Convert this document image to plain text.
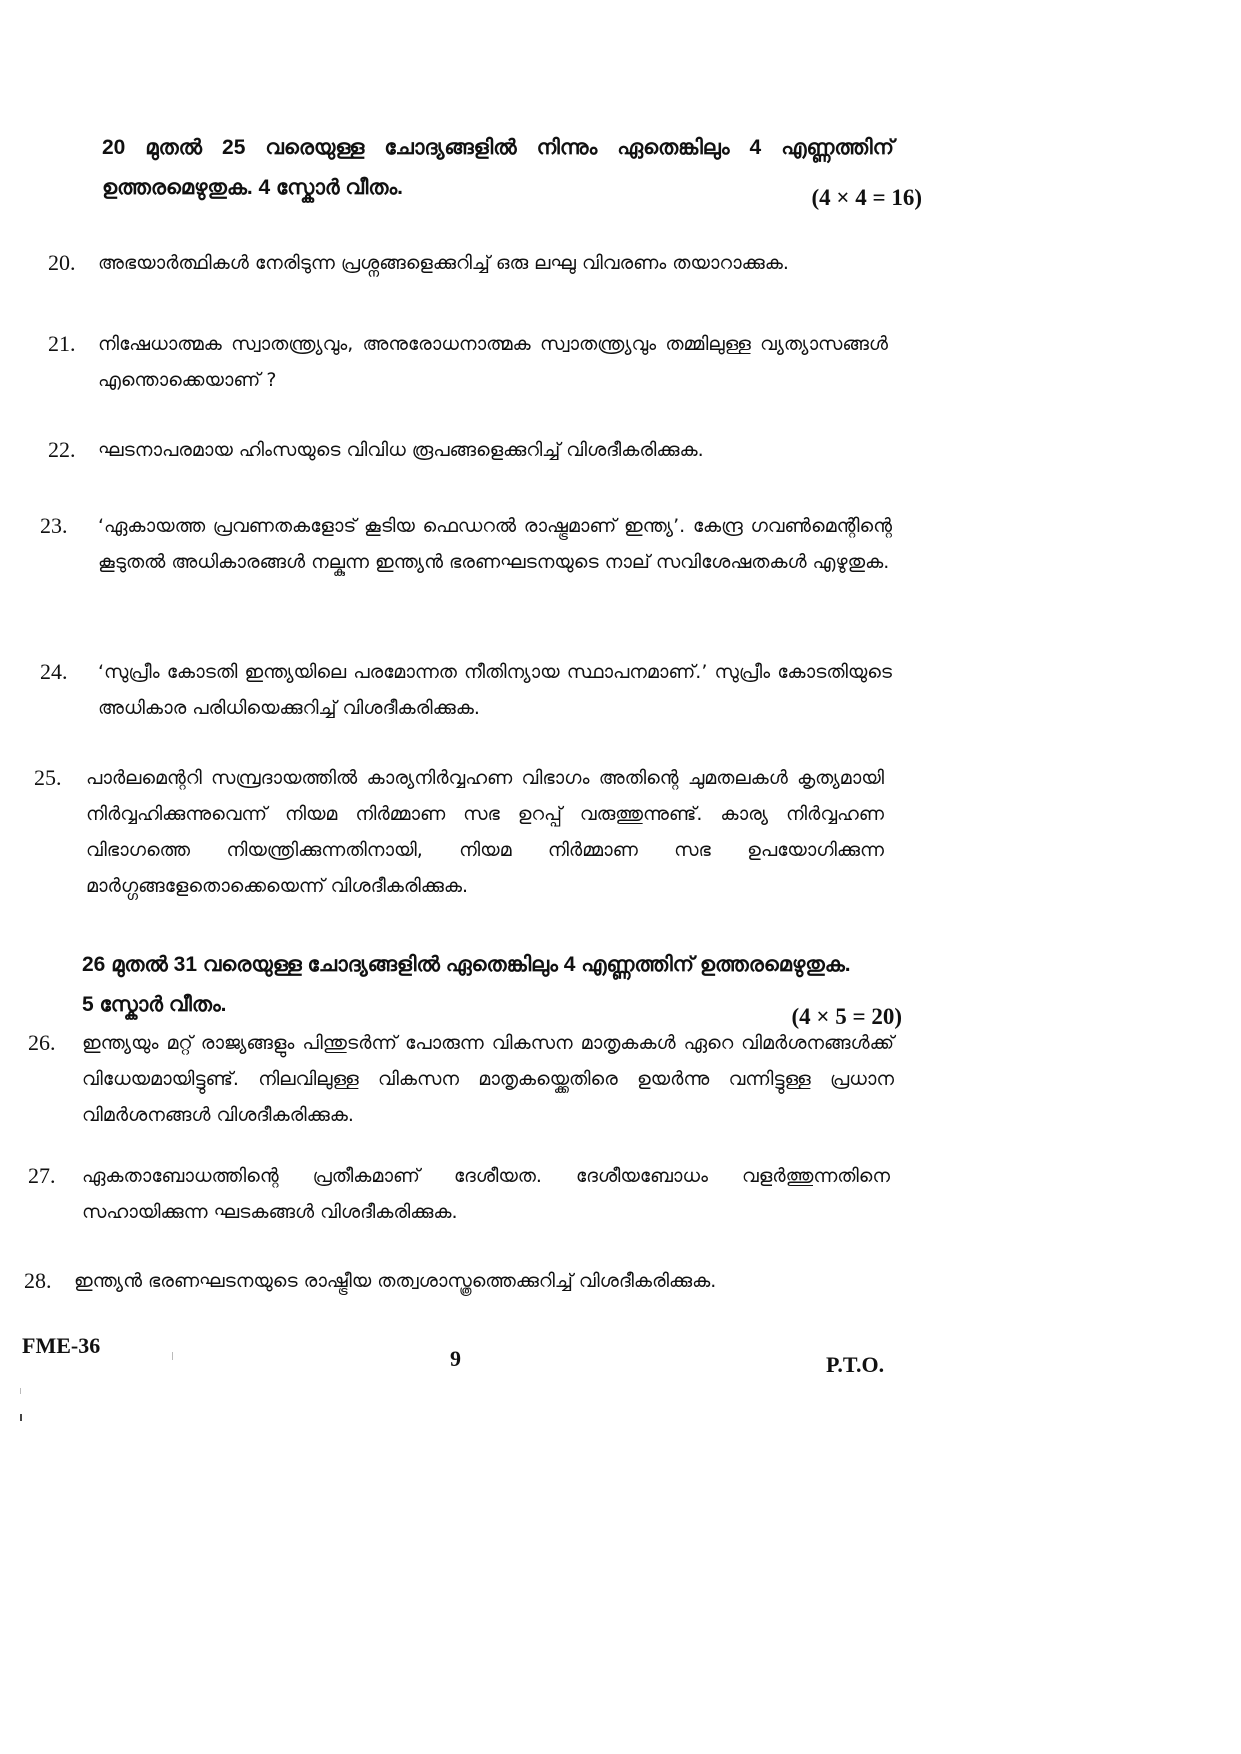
20 മുതൽ 25 വരെയുള്ള ചോദ്യങ്ങളിൽ നിന്നും ഏതെങ്കിലും 4 എണ്ണത്തിന്
ഉത്തരമെഴുതുക. 4 സ്കോർ വീതം.	(4 × 4 = 16)
20. അഭയാർത്ഥികൾ നേരിടുന്ന പ്രശ്നങ്ങളെക്കുറിച്ച് ഒരു ലഘു വിവരണം തയാറാക്കുക.
21. നിഷേധാത്മക സ്വാതന്ത്ര്യവും, അനുരോധനാത്മക സ്വാതന്ത്ര്യവും തമ്മിലുള്ള വ്യത്യാസങ്ങൾ എന്തൊക്കെയാണ് ?
22. ഘടനാപരമായ ഹിംസയുടെ വിവിധ രൂപങ്ങളെക്കുറിച്ച് വിശദീകരിക്കുക.
23. ‘ഏകായത്ത പ്രവണതകളോട് കൂടിയ ഫെഡറൽ രാഷ്ട്രമാണ് ഇന്ത്യ’. കേന്ദ്ര ഗവൺമെന്റിന്റെ കൂടുതൽ അധികാരങ്ങൾ നല്കുന്ന ഇന്ത്യൻ ഭരണഘടനയുടെ നാല് സവിശേഷതകൾ എഴുതുക.
24. ‘സുപ്രീം കോടതി ഇന്ത്യയിലെ പരമോന്നത നീതിന്യായ സ്ഥാപനമാണ്.’ സുപ്രീം കോടതിയുടെ അധികാര പരിധിയെക്കുറിച്ച് വിശദീകരിക്കുക.
25. പാർലമെന്ററി സമ്പ്രദായത്തിൽ കാര്യനിർവ്വഹണ വിഭാഗം അതിന്റെ ചുമതലകൾ കൃത്യമായി നിർവ്വഹിക്കുന്നുവെന്ന് നിയമ നിർമ്മാണ സഭ ഉറപ്പ് വരുത്തുന്നുണ്ട്. കാര്യ നിർവ്വഹണ വിഭാഗത്തെ നിയന്ത്രിക്കുന്നതിനായി, നിയമ നിർമ്മാണ സഭ ഉപയോഗിക്കുന്ന മാർഗ്ഗങ്ങളേതൊക്കെയെന്ന് വിശദീകരിക്കുക.
26 മുതൽ 31 വരെയുള്ള ചോദ്യങ്ങളിൽ ഏതെങ്കിലും 4 എണ്ണത്തിന് ഉത്തരമെഴുതുക.
5 സ്കോർ വീതം.	(4 × 5 = 20)
26. ഇന്ത്യയും മറ്റ് രാജ്യങ്ങളും പിന്തുടർന്ന് പോരുന്ന വികസന മാതൃകകൾ ഏറെ വിമർശനങ്ങൾക്ക് വിധേയമായിട്ടുണ്ട്. നിലവിലുള്ള വികസന മാതൃകയ്ക്കെതിരെ ഉയർന്നു വന്നിട്ടുള്ള പ്രധാന വിമർശനങ്ങൾ വിശദീകരിക്കുക.
27. ഏകതാബോധത്തിന്റെ പ്രതീകമാണ് ദേശീയത. ദേശീയബോധം വളർത്തുന്നതിനെ സഹായിക്കുന്ന ഘടകങ്ങൾ വിശദീകരിക്കുക.
28. ഇന്ത്യൻ ഭരണഘടനയുടെ രാഷ്ട്രീയ തത്വശാസ്ത്രത്തെക്കുറിച്ച് വിശദീകരിക്കുക.
FME-36
9	P.T.O.
